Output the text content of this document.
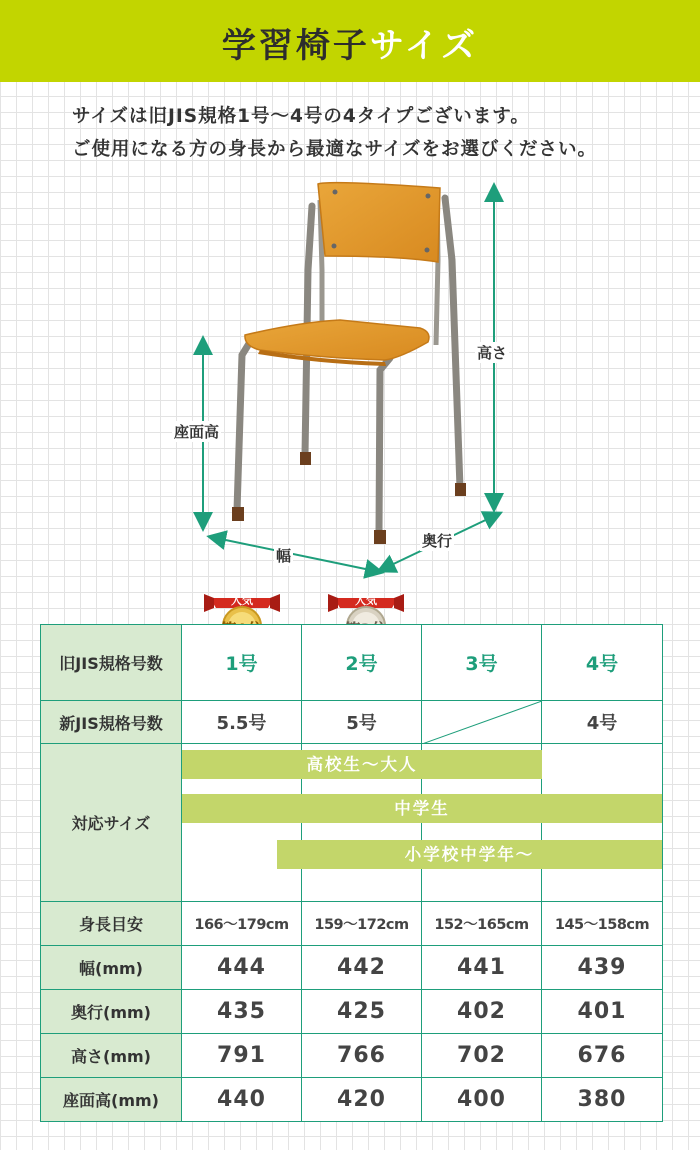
学習椅子サイズ
サイズは旧JIS規格1号～4号の4タイプございます。
ご使用になる方の身長から最適なサイズをお選びください。
座面高
高さ
幅
奥行
人気	人気
旧JIS規格号数	1号	2号	3号	4号
新JIS規格号数	5.5号	5号		4号
対応サイズ	高校生～大人
中学生
小学校中学年～			

身長目安	166～179cm	159～172cm	152～165cm	145～158cm
幅(mm)	444	442	441	439
奥行(mm)	435	425	402	401
高さ(mm)	791	766	702	676
座面高(mm)	440	420	400	380
